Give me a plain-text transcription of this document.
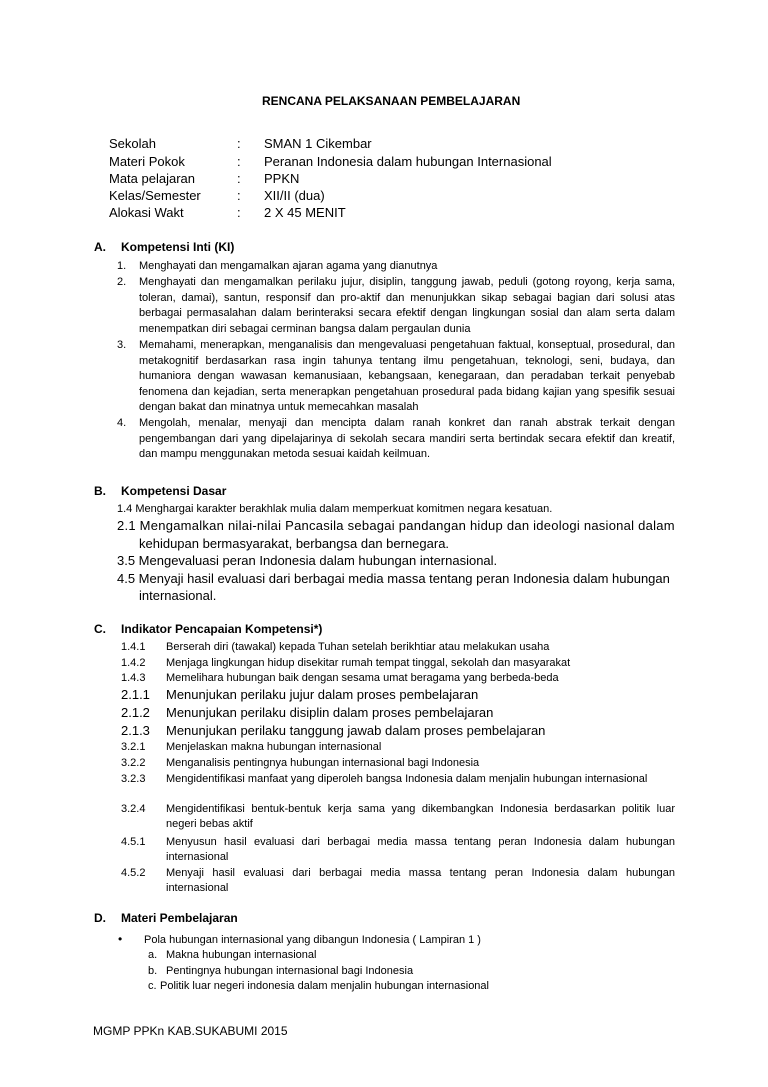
RENCANA PELAKSANAAN PEMBELAJARAN
Sekolah	: SMAN 1 Cikembar
Materi Pokok	: Peranan Indonesia dalam hubungan Internasional
Mata pelajaran	: PPKN
Kelas/Semester	: XII/II (dua)
Alokasi Wakt	: 2 X 45 MENIT
A. Kompetensi Inti (KI)
1. Menghayati dan mengamalkan ajaran agama yang dianutnya
2. Menghayati dan mengamalkan perilaku jujur, disiplin, tanggung jawab, peduli (gotong royong, kerja sama, toleran, damai), santun, responsif dan pro-aktif dan menunjukkan sikap sebagai bagian dari solusi atas berbagai permasalahan dalam berinteraksi secara efektif dengan lingkungan sosial dan alam serta dalam menempatkan diri sebagai cerminan bangsa dalam pergaulan dunia
3. Memahami, menerapkan, menganalisis dan mengevaluasi pengetahuan faktual, konseptual, prosedural, dan metakognitif berdasarkan rasa ingin tahunya tentang ilmu pengetahuan, teknologi, seni, budaya, dan humaniora dengan wawasan kemanusiaan, kebangsaan, kenegaraan, dan peradaban terkait penyebab fenomena dan kejadian, serta menerapkan pengetahuan prosedural pada bidang kajian yang spesifik sesuai dengan bakat dan minatnya untuk memecahkan masalah
4. Mengolah, menalar, menyaji dan mencipta dalam ranah konkret dan ranah abstrak terkait dengan pengembangan dari yang dipelajarinya di sekolah secara mandiri serta bertindak secara efektif dan kreatif, dan mampu menggunakan metoda sesuai kaidah keilmuan.
B. Kompetensi Dasar
1.4 Menghargai karakter berakhlak mulia dalam memperkuat komitmen negara kesatuan.
2.1 Mengamalkan nilai-nilai Pancasila sebagai pandangan hidup dan ideologi nasional dalam
kehidupan bermasyarakat, berbangsa dan bernegara.
3.5 Mengevaluasi peran Indonesia dalam hubungan internasional.
4.5 Menyaji hasil evaluasi dari berbagai media massa tentang peran Indonesia dalam hubungan
internasional.
C. Indikator Pencapaian Kompetensi*)
1.4.1 Berserah diri (tawakal) kepada Tuhan setelah berikhtiar atau melakukan usaha
1.4.2 Menjaga lingkungan hidup disekitar rumah tempat tinggal, sekolah dan masyarakat
1.4.3 Memelihara hubungan baik dengan sesama umat beragama yang berbeda-beda
2.1.1 Menunjukan perilaku jujur dalam proses pembelajaran
2.1.2 Menunjukan perilaku disiplin dalam proses pembelajaran
2.1.3 Menunjukan perilaku tanggung jawab dalam proses pembelajaran
3.2.1 Menjelaskan makna hubungan internasional
3.2.2 Menganalisis pentingnya hubungan internasional bagi Indonesia
3.2.3 Mengidentifikasi manfaat yang diperoleh bangsa Indonesia dalam menjalin hubungan internasional
3.2.4 Mengidentifikasi bentuk-bentuk kerja sama yang dikembangkan Indonesia berdasarkan politik luar negeri bebas aktif
4.5.1 Menyusun hasil evaluasi dari berbagai media massa tentang peran Indonesia dalam hubungan internasional
4.5.2 Menyaji hasil evaluasi dari berbagai media massa tentang peran Indonesia dalam hubungan internasional
D. Materi Pembelajaran
• Pola hubungan internasional yang dibangun Indonesia ( Lampiran 1 )
a. Makna hubungan internasional
b. Pentingnya hubungan internasional bagi Indonesia
c. Politik luar negeri indonesia dalam menjalin hubungan internasional
MGMP PPKn KAB.SUKABUMI 2015
